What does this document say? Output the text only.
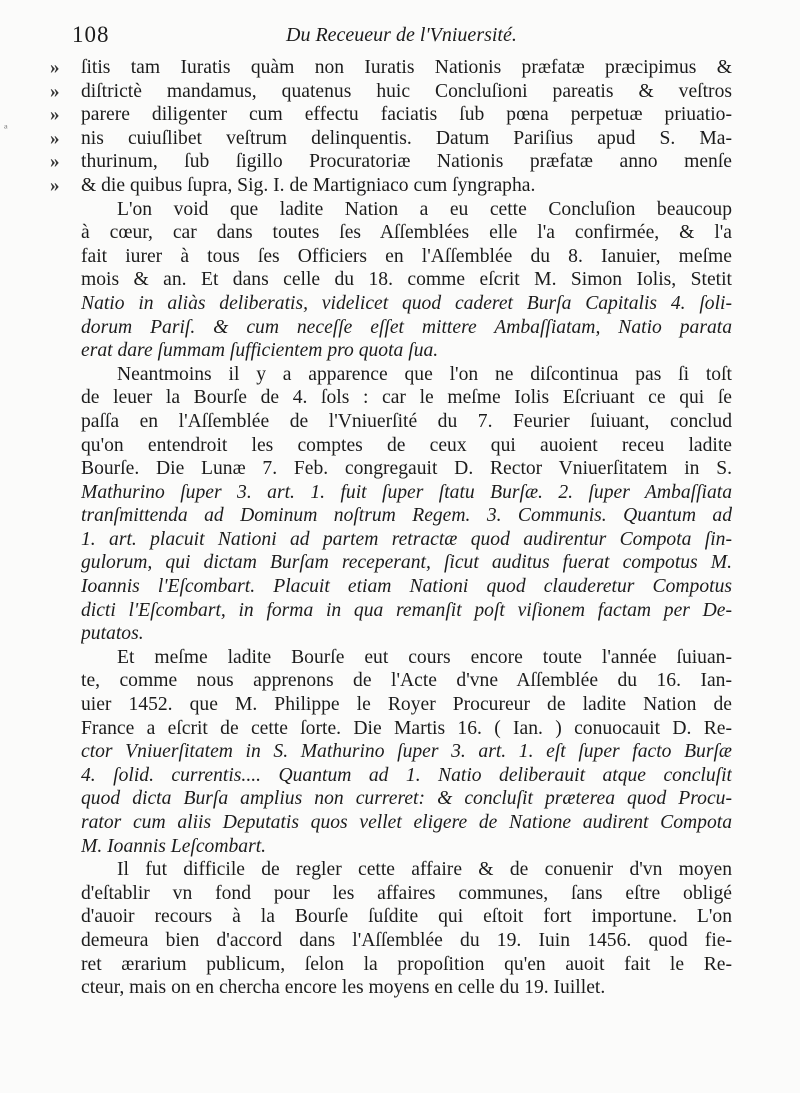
108	Du Receueur de l'Vniuersité.
»
»
»
»
»
»
ª
ſitis tam Iuratis quàm non Iuratis Nationis præfatæ præcipimus &
diſtrictè mandamus, quatenus huic Concluſioni pareatis & veſtros
parere diligenter cum effectu faciatis ſub pœna perpetuæ priuatio-
nis cuiuſlibet veſtrum delinquentis. Datum Pariſius apud S. Ma-
thurinum, ſub ſigillo Procuratoriæ Nationis præfatæ anno menſe
& die quibus ſupra, Sig. I. de Martigniaco cum ſyngrapha.
L'on void que ladite Nation a eu cette Concluſion beaucoup
à cœur, car dans toutes ſes Aſſemblées elle l'a confirmée, & l'a
fait iurer à tous ſes Officiers en l'Aſſemblée du 8. Ianuier, meſme
mois & an. Et dans celle du 18. comme eſcrit M. Simon Iolis, Stetit
Natio in aliàs deliberatis, videlicet quod caderet Burſa Capitalis 4. ſoli-
dorum Pariſ. & cum neceſſe eſſet mittere Ambaſſiatam, Natio parata
erat dare ſummam ſufficientem pro quota ſua.
Neantmoins il y a apparence que l'on ne diſcontinua pas ſi toſt
de leuer la Bourſe de 4. ſols : car le meſme Iolis Eſcriuant ce qui ſe
paſſa en l'Aſſemblée de l'Vniuerſité du 7. Feurier ſuiuant, conclud
qu'on entendroit les comptes de ceux qui auoient receu ladite
Bourſe. Die Lunæ 7. Feb. congregauit D. Rector Vniuerſitatem in S.
Mathurino ſuper 3. art. 1. fuit ſuper ſtatu Burſæ. 2. ſuper Ambaſſiata
tranſmittenda ad Dominum noſtrum Regem. 3. Communis. Quantum ad
1. art. placuit Nationi ad partem retractæ quod audirentur Compota ſin-
gulorum, qui dictam Burſam receperant, ſicut auditus fuerat compotus M.
Ioannis l'Eſcombart. Placuit etiam Nationi quod clauderetur Compotus
dicti l'Eſcombart, in forma in qua remanſit poſt viſionem factam per De-
putatos.
Et meſme ladite Bourſe eut cours encore toute l'année ſuiuan-
te, comme nous apprenons de l'Acte d'vne Aſſemblée du 16. Ian-
uier 1452. que M. Philippe le Royer Procureur de ladite Nation de
France a eſcrit de cette ſorte. Die Martis 16. ( Ian. ) conuocauit D. Re-
ctor Vniuerſitatem in S. Mathurino ſuper 3. art. 1. eſt ſuper facto Burſæ
4. ſolid. currentis.... Quantum ad 1. Natio deliberauit atque concluſit
quod dicta Burſa amplius non curreret: & concluſit præterea quod Procu-
rator cum aliis Deputatis quos vellet eligere de Natione audirent Compota
M. Ioannis Leſcombart.
Il fut difficile de regler cette affaire & de conuenir d'vn moyen
d'eſtablir vn fond pour les affaires communes, ſans eſtre obligé
d'auoir recours à la Bourſe ſuſdite qui eſtoit fort importune. L'on
demeura bien d'accord dans l'Aſſemblée du 19. Iuin 1456. quod fie-
ret ærarium publicum, ſelon la propoſition qu'en auoit fait le Re-
ctеur, mais on en chercha encore les moyens en celle du 19. Iuillet.
